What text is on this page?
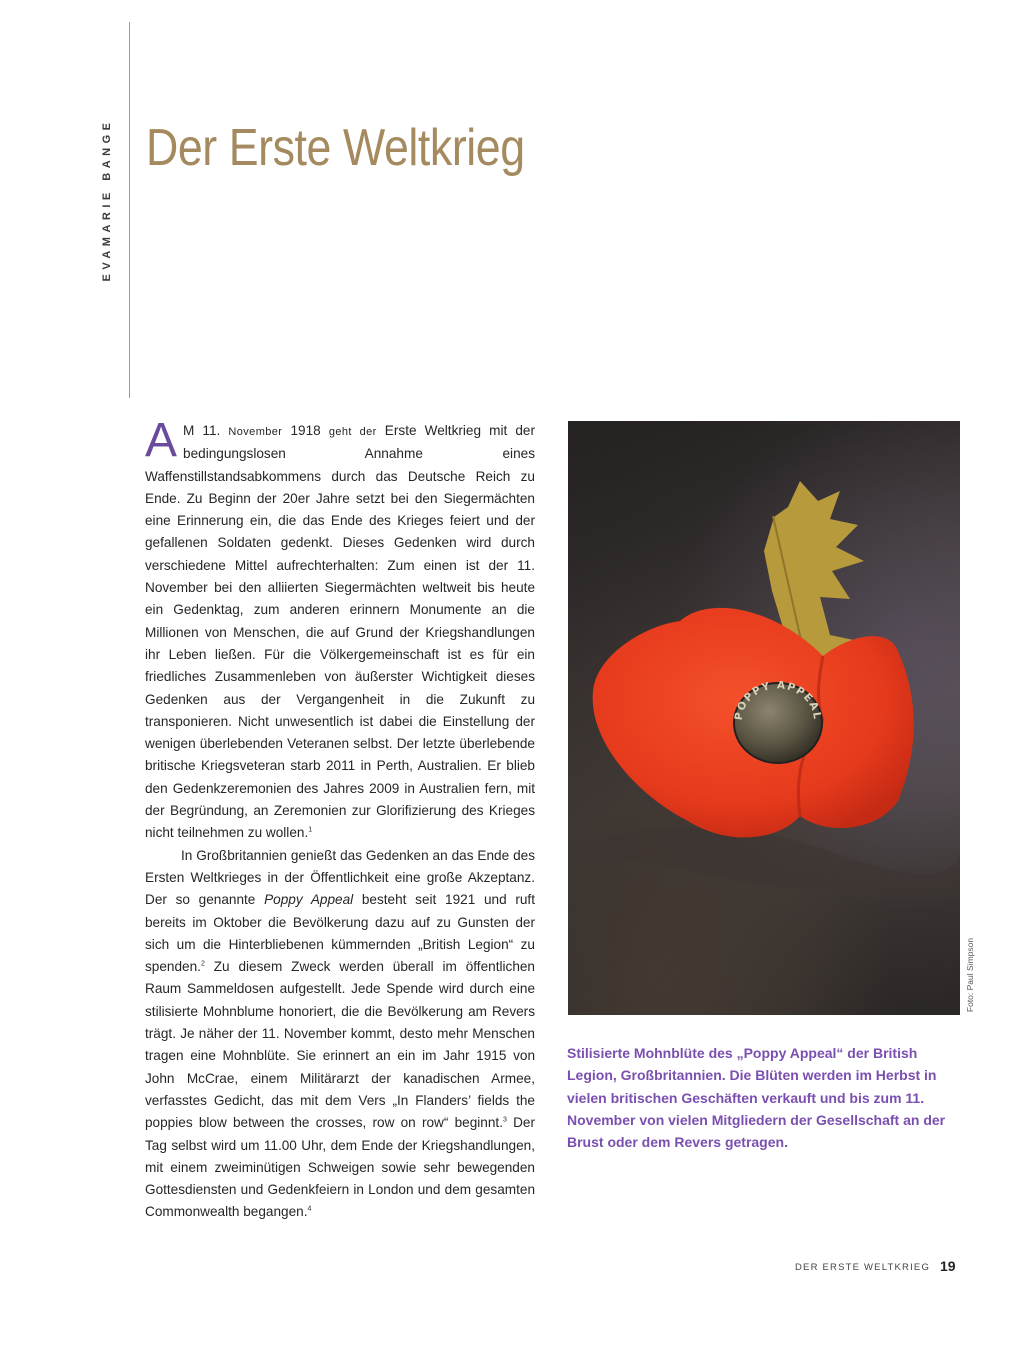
EVAMARIE BANGE Der Erste Weltkrieg

A M 11. November 1918 geht der Erste Weltkrieg mit der bedingungslosen Annahme eines Waffenstillstandsabkommens durch das Deutsche Reich zu Ende. Zu Beginn der 20er Jahre setzt bei den Siegermächten eine Erinnerung ein, die das Ende des Krieges feiert und der gefallenen Soldaten gedenkt. Dieses Gedenken wird durch verschiedene Mittel aufrechterhalten: Zum einen ist der 11. November bei den alliierten Siegermächten weltweit bis heute ein Gedenktag, zum anderen erinnern Monumente an die Millionen von Menschen, die auf Grund der Kriegshandlungen ihr Leben ließen. Für die Völkergemeinschaft ist es für ein friedliches Zusammenleben von äußerster Wichtigkeit dieses Gedenken aus der Vergangenheit in die Zukunft zu transponieren. Nicht unwesentlich ist dabei die Einstellung der wenigen überlebenden Veteranen selbst. Der letzte überlebende britische Kriegsveteran starb 2011 in Perth, Australien. Er blieb den Gedenkzeremonien des Jahres 2009 in Australien fern, mit der Begründung, an Zeremonien zur Glorifizierung des Krieges nicht teilnehmen zu wollen.$^1$

In Großbritannien genießt das Gedenken an das Ende des Ersten Weltkrieges in der Öffentlichkeit eine große Akzeptanz. Der so genannte Poppy Appeal besteht seit 1921 und ruft bereits im Oktober die Bevölkerung dazu auf zu Gunsten der sich um die Hinterbliebenen kümmernden „British Legion“ zu spenden.$^2$ Zu diesem Zweck werden überall im öffentlichen Raum Sammeldosen aufgestellt. Jede Spende wird durch eine stilisierte Mohnblume honoriert, die die Bevölkerung am Revers trägt. Je näher der 11. November kommt, desto mehr Menschen tragen eine Mohnblüte. Sie erinnert an ein im Jahr 1915 von John McCrae, einem Militärarzt der kanadischen Armee, verfasstes Gedicht, das mit dem Vers „In Flanders’ fields the poppies blow between the crosses, row on row“ beginnt.$^3$ Der Tag selbst wird um 11.00 Uhr, dem Ende der Kriegshandlungen, mit einem zweiminütigen Schweigen sowie sehr bewegenden Gottesdiensten und Gedenkfeiern in London und dem gesamten Commonwealth begangen.$^4$

POPPY APPEAL
Foto: Paul Simpson

Stilisierte Mohnblüte des „Poppy Appeal“ der British Legion, Großbritannien. Die Blüten werden im Herbst in vielen britischen Geschäften verkauft und bis zum 11. November von vielen Mitgliedern der Gesellschaft an der Brust oder dem Revers getragen.

DER ERSTE WELTKRIEG 19
